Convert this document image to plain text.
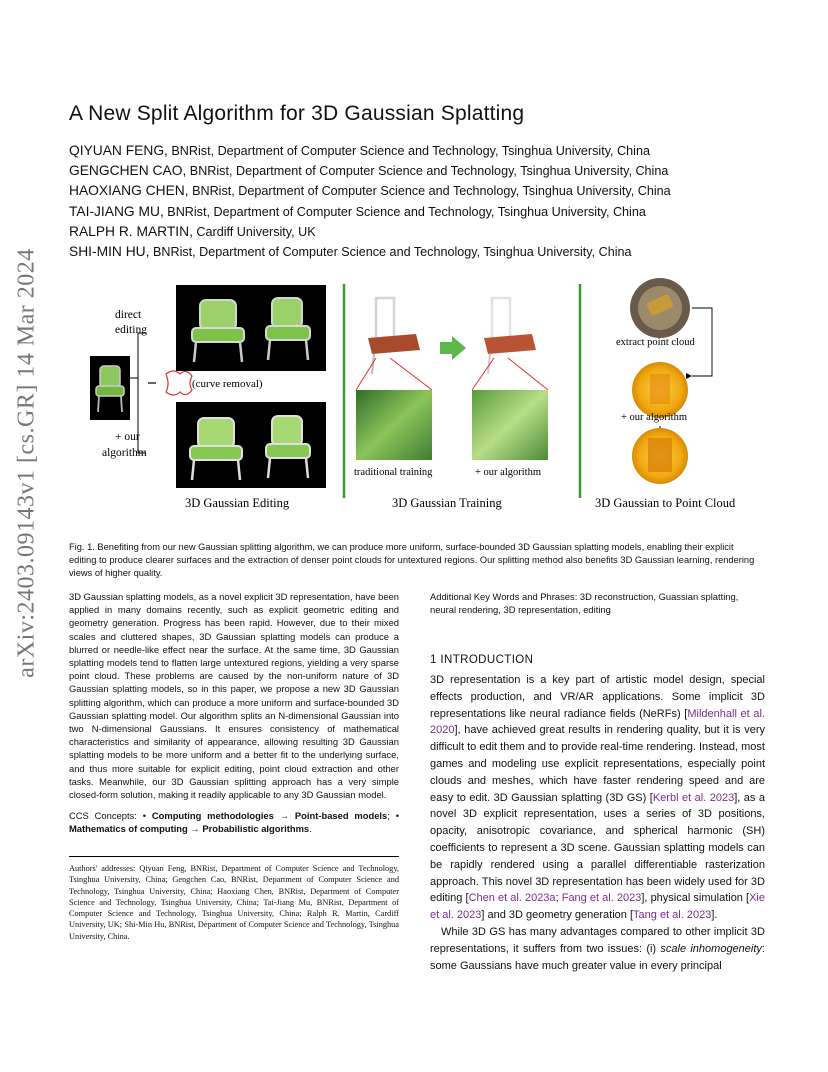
A New Split Algorithm for 3D Gaussian Splatting
QIYUAN FENG, BNRist, Department of Computer Science and Technology, Tsinghua University, China
GENGCHEN CAO, BNRist, Department of Computer Science and Technology, Tsinghua University, China
HAOXIANG CHEN, BNRist, Department of Computer Science and Technology, Tsinghua University, China
TAI-JIANG MU, BNRist, Department of Computer Science and Technology, Tsinghua University, China
RALPH R. MARTIN, Cardiff University, UK
SHI-MIN HU, BNRist, Department of Computer Science and Technology, Tsinghua University, China
arXiv:2403.09143v1 [cs.GR] 14 Mar 2024	direct
editing
(curve removal)
+ our
algorithm
3D Gaussian Editing
traditional training	+ our algorithm
3D Gaussian Training
extract point cloud
+ our algorithm
3D Gaussian to Point Cloud
Fig. 1. Benefiting from our new Gaussian splitting algorithm, we can produce more uniform, surface-bounded 3D Gaussian splatting models, enabling their explicit editing to produce clearer surfaces and the extraction of denser point clouds for untextured regions. Our splitting method also benefits 3D Gaussian learning, rendering views of higher quality.

3D Gaussian splatting models, as a novel explicit 3D representation, have been applied in many domains recently, such as explicit geometric editing and geometry generation. Progress has been rapid. However, due to their mixed scales and cluttered shapes, 3D Gaussian splatting models can produce a blurred or needle-like effect near the surface. At the same time, 3D Gaussian splatting models tend to flatten large untextured regions, yielding a very sparse point cloud. These problems are caused by the non-uniform nature of 3D Gaussian splatting models, so in this paper, we propose a new 3D Gaussian splitting algorithm, which can produce a more uniform and surface-bounded 3D Gaussian splatting model. Our algorithm splits an N-dimensional Gaussian into two N-dimensional Gaussians. It ensures consistency of mathematical characteristics and similarity of appearance, allowing resulting 3D Gaussian splatting models to be more uniform and a better fit to the underlying surface, and thus more suitable for explicit editing, point cloud extraction and other tasks. Meanwhile, our 3D Gaussian splitting approach has a very simple closed-form solution, making it readily applicable to any 3D Gaussian model.

CCS Concepts: • Computing methodologies → Point-based models; • Mathematics of computing → Probabilistic algorithms.

Authors' addresses: Qiyuan Feng, BNRist, Department of Computer Science and Technology, Tsinghua University, China; Gengchen Cao, BNRist, Department of Computer Science and Technology, Tsinghua University, China; Haoxiang Chen, BNRist, Department of Computer Science and Technology, Tsinghua University, China; Tai-Jiang Mu, BNRist, Department of Computer Science and Technology, Tsinghua University, China; Ralph R. Martin, Cardiff University, UK; Shi-Min Hu, BNRist, Department of Computer Science and Technology, Tsinghua University, China.
Additional Key Words and Phrases: 3D reconstruction, Guassian splatting, neural rendering, 3D representation, editing
1 INTRODUCTION

3D representation is a key part of artistic model design, special effects production, and VR/AR applications. Some implicit 3D representations like neural radiance fields (NeRFs) [Mildenhall et al. 2020], have achieved great results in rendering quality, but it is very difficult to edit them and to provide real-time rendering. Instead, most games and modeling use explicit representations, especially point clouds and meshes, which have faster rendering speed and are easy to edit. 3D Gaussian splatting (3D GS) [Kerbl et al. 2023], as a novel 3D explicit representation, uses a series of 3D positions, opacity, anisotropic covariance, and spherical harmonic (SH) coefficients to represent a 3D scene. Gaussian splatting models can be rapidly rendered using a parallel differentiable rasterization approach. This novel 3D representation has been widely used for 3D editing [Chen et al. 2023a; Fang et al. 2023], physical simulation [Xie et al. 2023] and 3D geometry generation [Tang et al. 2023].

While 3D GS has many advantages compared to other implicit 3D representations, it suffers from two issues: (i) scale inhomogeneity: some Gaussians have much greater value in every principal
